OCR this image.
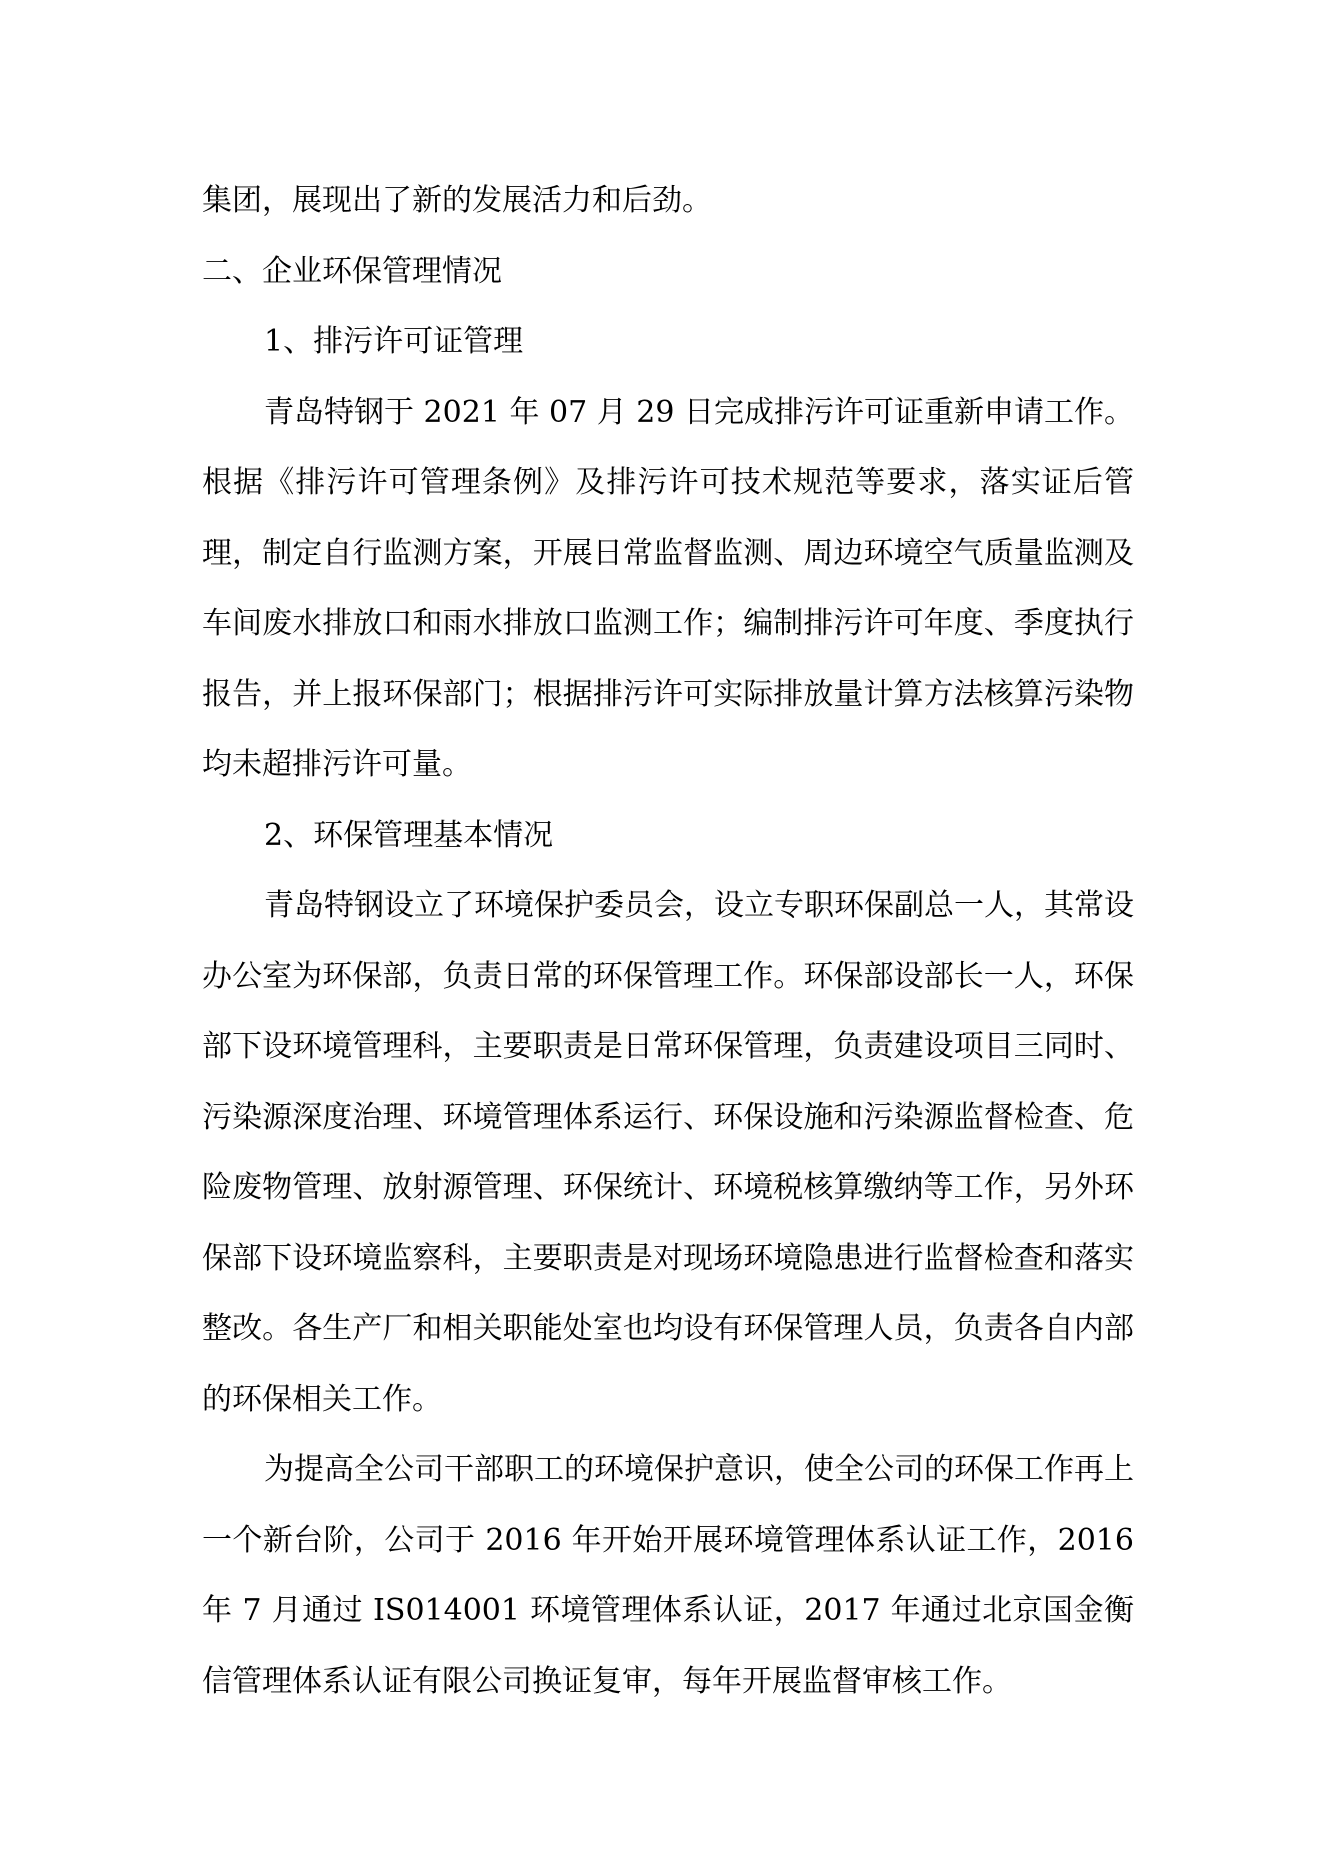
集团，展现出了新的发展活力和后劲。

二、企业环保管理情况

1、排污许可证管理

青岛特钢于 2021 年 07 月 29 日完成排污许可证重新申请工作。根据《排污许可管理条例》及排污许可技术规范等要求，落实证后管理，制定自行监测方案，开展日常监督监测、周边环境空气质量监测及车间废水排放口和雨水排放口监测工作；编制排污许可年度、季度执行报告，并上报环保部门；根据排污许可实际排放量计算方法核算污染物均未超排污许可量。

2、环保管理基本情况

青岛特钢设立了环境保护委员会，设立专职环保副总一人，其常设办公室为环保部，负责日常的环保管理工作。环保部设部长一人，环保部下设环境管理科，主要职责是日常环保管理，负责建设项目三同时、污染源深度治理、环境管理体系运行、环保设施和污染源监督检查、危险废物管理、放射源管理、环保统计、环境税核算缴纳等工作，另外环保部下设环境监察科，主要职责是对现场环境隐患进行监督检查和落实整改。各生产厂和相关职能处室也均设有环保管理人员，负责各自内部的环保相关工作。

为提高全公司干部职工的环境保护意识，使全公司的环保工作再上一个新台阶，公司于 2016 年开始开展环境管理体系认证工作，2016 年 7 月通过 IS014001 环境管理体系认证，2017 年通过北京国金衡信管理体系认证有限公司换证复审，每年开展监督审核工作。
